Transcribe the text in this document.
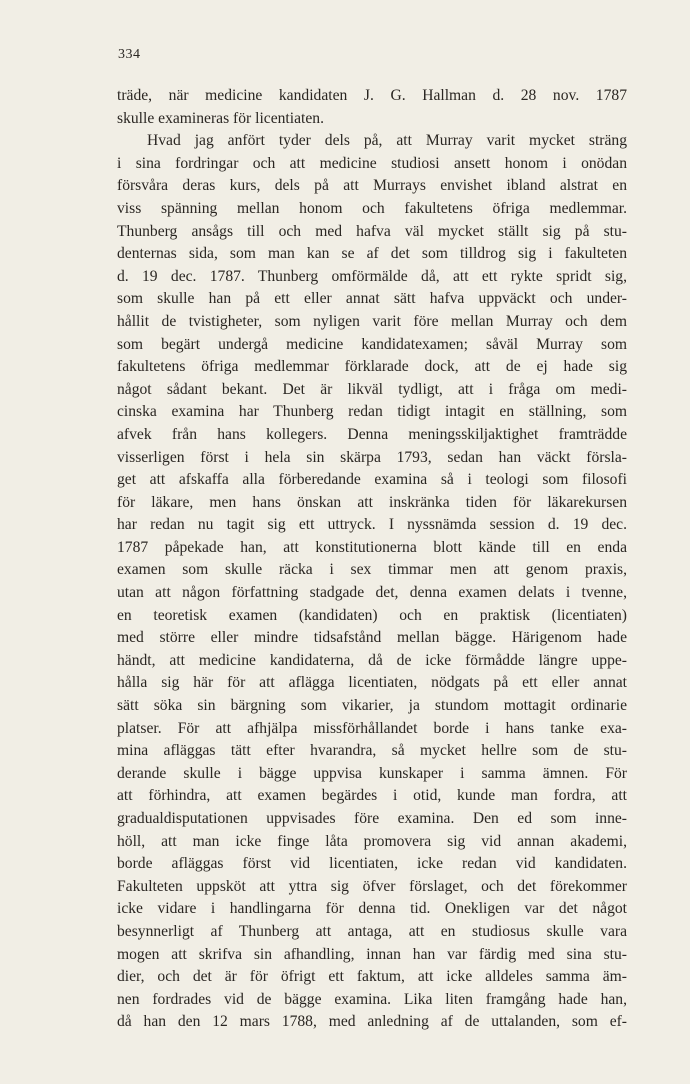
334
träde, när medicine kandidaten J. G. Hallman d. 28 nov. 1787
skulle examineras för licentiaten.
Hvad jag anfört tyder dels på, att Murray varit mycket sträng
i sina fordringar och att medicine studiosi ansett honom i onödan
försvåra deras kurs, dels på att Murrays envishet ibland alstrat en
viss spänning mellan honom och fakultetens öfriga medlemmar.
Thunberg ansågs till och med hafva väl mycket ställt sig på stu-
denternas sida, som man kan se af det som tilldrog sig i fakulteten
d. 19 dec. 1787. Thunberg omförmälde då, att ett rykte spridt sig,
som skulle han på ett eller annat sätt hafva uppväckt och under-
hållit de tvistigheter, som nyligen varit före mellan Murray och dem
som begärt undergå medicine kandidatexamen; såväl Murray som
fakultetens öfriga medlemmar förklarade dock, att de ej hade sig
något sådant bekant. Det är likväl tydligt, att i fråga om medi-
cinska examina har Thunberg redan tidigt intagit en ställning, som
afvek från hans kollegers. Denna meningsskiljaktighet framträdde
visserligen först i hela sin skärpa 1793, sedan han väckt försla-
get att afskaffa alla förberedande examina så i teologi som filosofi
för läkare, men hans önskan att inskränka tiden för läkarekursen
har redan nu tagit sig ett uttryck. I nyssnämda session d. 19 dec.
1787 påpekade han, att konstitutionerna blott kände till en enda
examen som skulle räcka i sex timmar men att genom praxis,
utan att någon författning stadgade det, denna examen delats i tvenne,
en teoretisk examen (kandidaten) och en praktisk (licentiaten)
med större eller mindre tidsafstånd mellan bägge. Härigenom hade
händt, att medicine kandidaterna, då de icke förmådde längre uppe-
hålla sig här för att aflägga licentiaten, nödgats på ett eller annat
sätt söka sin bärgning som vikarier, ja stundom mottagit ordinarie
platser. För att afhjälpa missförhållandet borde i hans tanke exa-
mina afläggas tätt efter hvarandra, så mycket hellre som de stu-
derande skulle i bägge uppvisa kunskaper i samma ämnen. För
att förhindra, att examen begärdes i otid, kunde man fordra, att
gradualdisputationen uppvisades före examina. Den ed som inne-
höll, att man icke finge låta promovera sig vid annan akademi,
borde afläggas först vid licentiaten, icke redan vid kandidaten.
Fakulteten uppsköt att yttra sig öfver förslaget, och det förekommer
icke vidare i handlingarna för denna tid. Onekligen var det något
besynnerligt af Thunberg att antaga, att en studiosus skulle vara
mogen att skrifva sin afhandling, innan han var färdig med sina stu-
dier, och det är för öfrigt ett faktum, att icke alldeles samma äm-
nen fordrades vid de bägge examina. Lika liten framgång hade han,
då han den 12 mars 1788, med anledning af de uttalanden, som ef-
